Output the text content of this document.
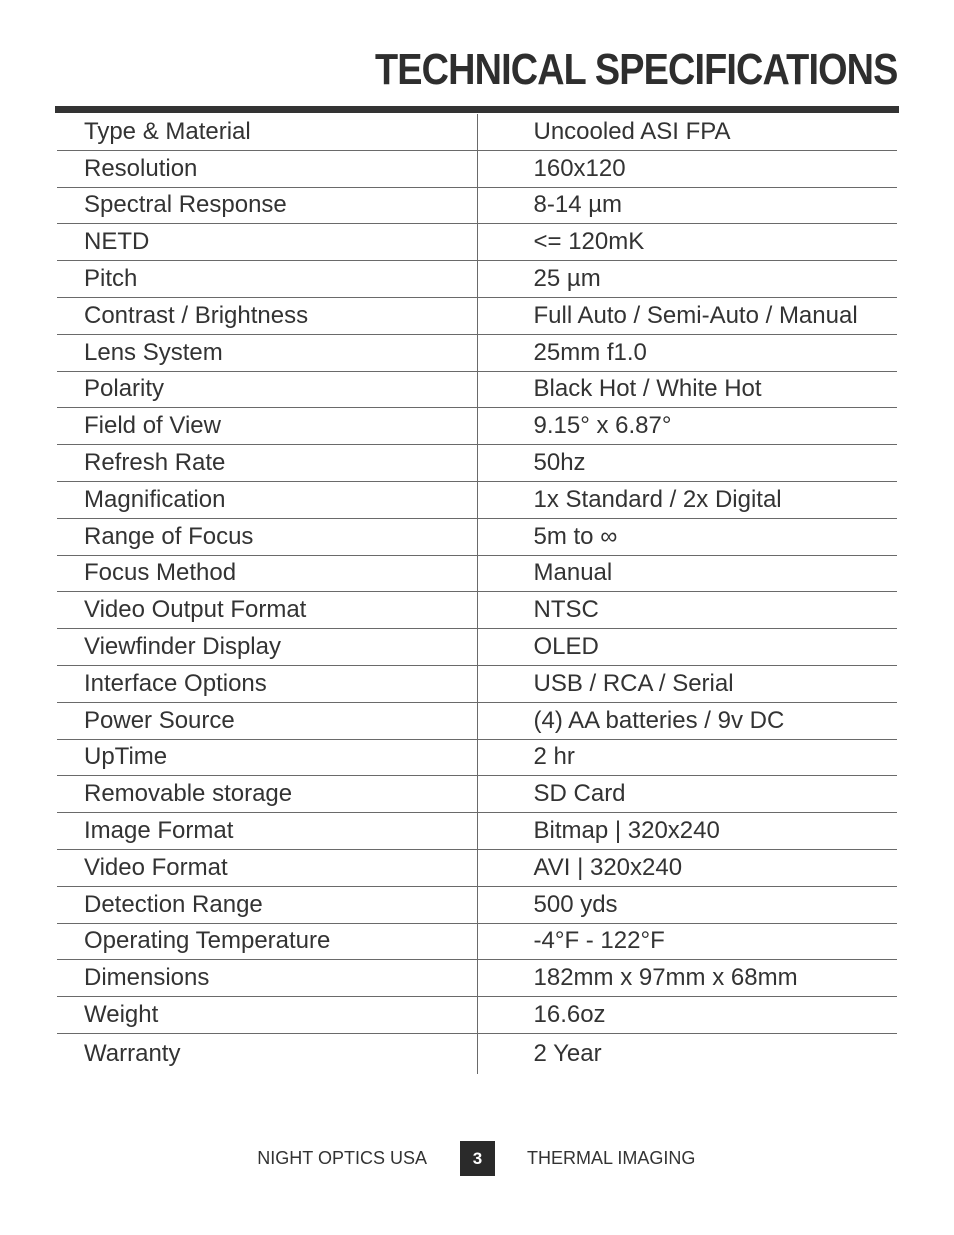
TECHNICAL SPECIFICATIONS
Type & Material	Uncooled ASI FPA
Resolution	160x120
Spectral Response	8-14 µm
NETD	<= 120mK
Pitch	25 µm
Contrast / Brightness	Full Auto / Semi-Auto / Manual
Lens System	25mm f1.0
Polarity	Black Hot / White Hot
Field of View	9.15° x 6.87°
Refresh Rate	50hz
Magnification	1x Standard / 2x Digital
Range of Focus	5m to ∞
Focus Method	Manual
Video Output Format	NTSC
Viewfinder Display	OLED
Interface Options	USB / RCA / Serial
Power Source	(4) AA batteries / 9v DC
UpTime	2 hr
Removable storage	SD Card
Image Format	Bitmap | 320x240
Video Format	AVI | 320x240
Detection Range	500 yds
Operating Temperature	-4°F - 122°F
Dimensions	182mm x 97mm x 68mm
Weight	16.6oz
Warranty	2 Year
NIGHT OPTICS USA	3	THERMAL IMAGING
